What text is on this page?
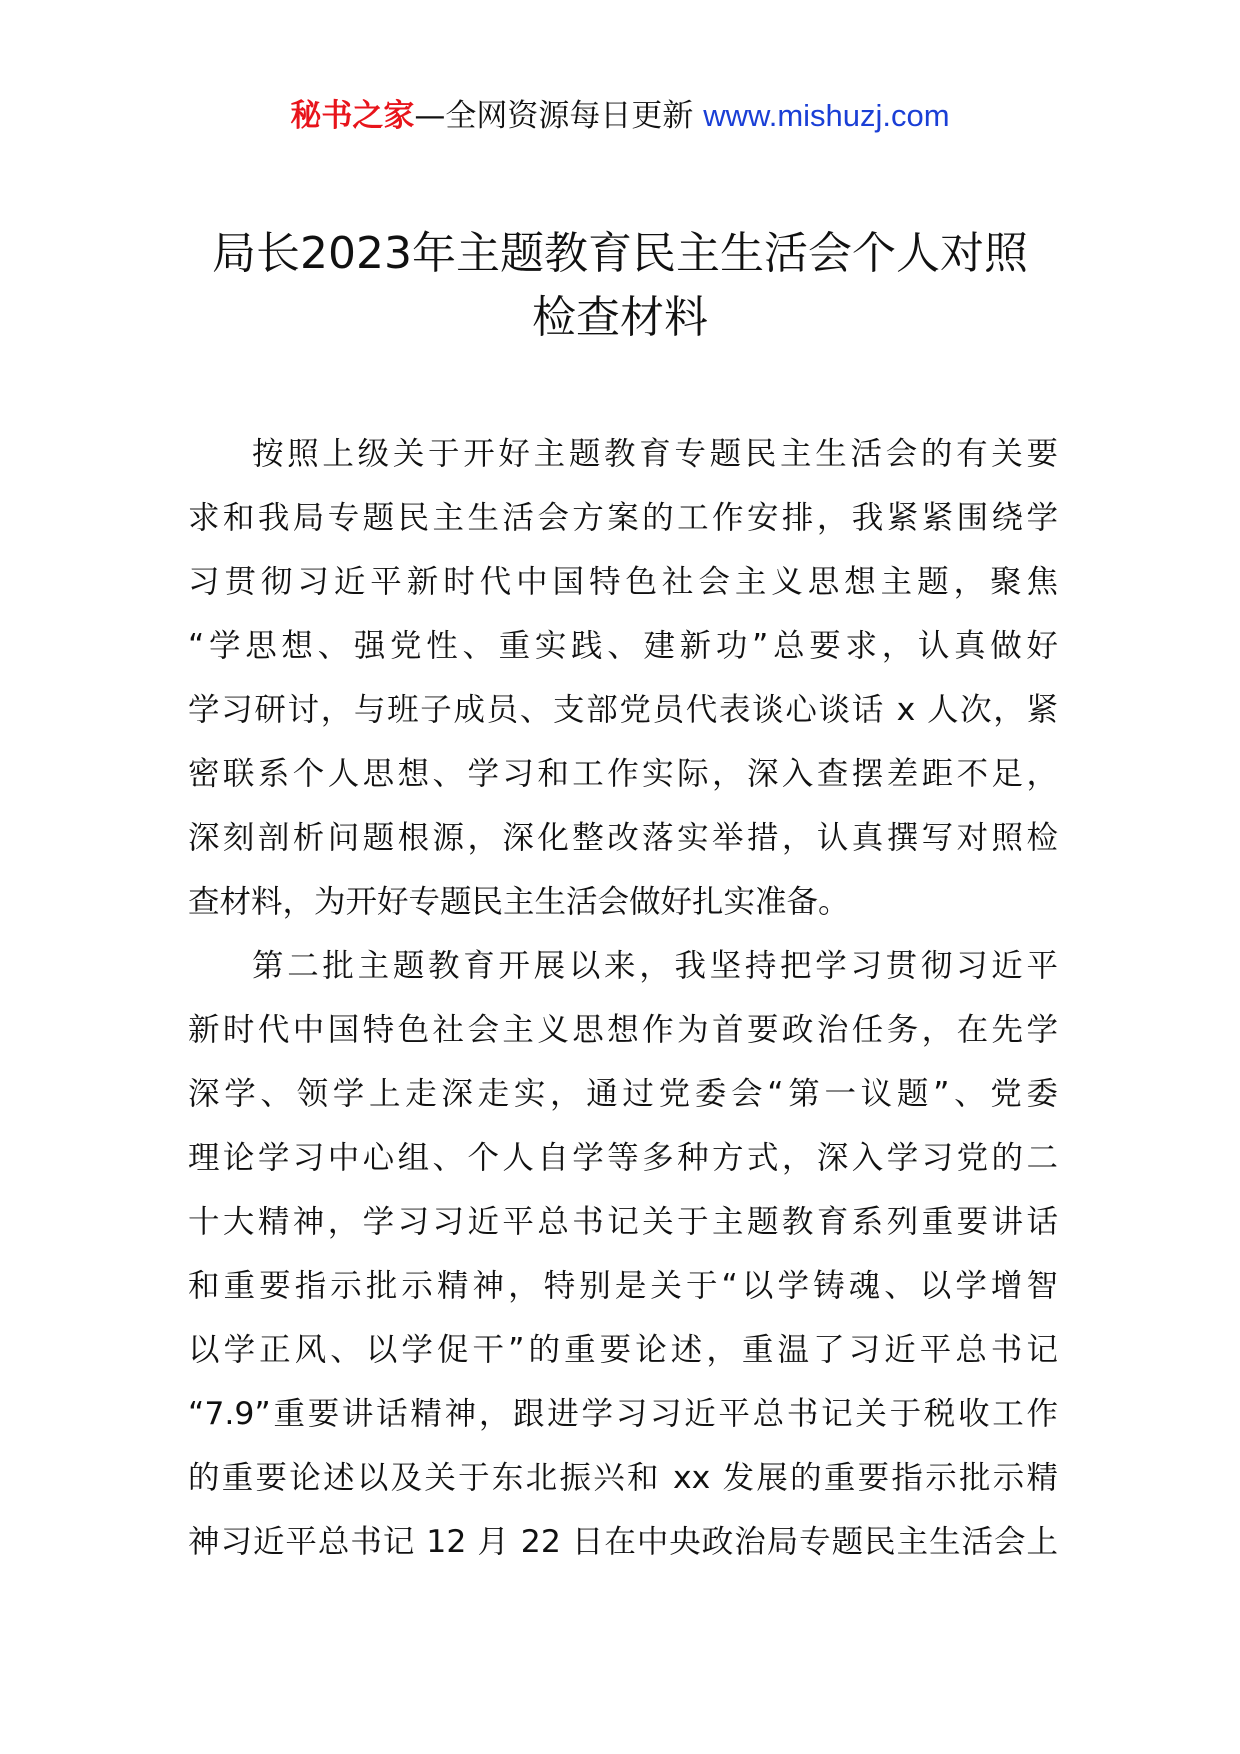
秘书之家—全网资源每日更新 www.mishuzj.com
局长2023年主题教育民主生活会个人对照
检查材料
按照上级关于开好主题教育专题民主生活会的有关要
求和我局专题民主生活会方案的工作安排，我紧紧围绕学
习贯彻习近平新时代中国特色社会主义思想主题，聚焦
“学思想、强党性、重实践、建新功”总要求，认真做好
学习研讨，与班子成员、支部党员代表谈心谈话 x 人次，紧
密联系个人思想、学习和工作实际，深入查摆差距不足，
深刻剖析问题根源，深化整改落实举措，认真撰写对照检
查材料，为开好专题民主生活会做好扎实准备。
第二批主题教育开展以来，我坚持把学习贯彻习近平
新时代中国特色社会主义思想作为首要政治任务，在先学
深学、领学上走深走实，通过党委会“第一议题”、党委
理论学习中心组、个人自学等多种方式，深入学习党的二
十大精神，学习习近平总书记关于主题教育系列重要讲话
和重要指示批示精神，特别是关于“以学铸魂、以学增智
以学正风、以学促干”的重要论述，重温了习近平总书记
“7.9”重要讲话精神，跟进学习习近平总书记关于税收工作
的重要论述以及关于东北振兴和 xx 发展的重要指示批示精
神习近平总书记 12 月 22 日在中央政治局专题民主生活会上
